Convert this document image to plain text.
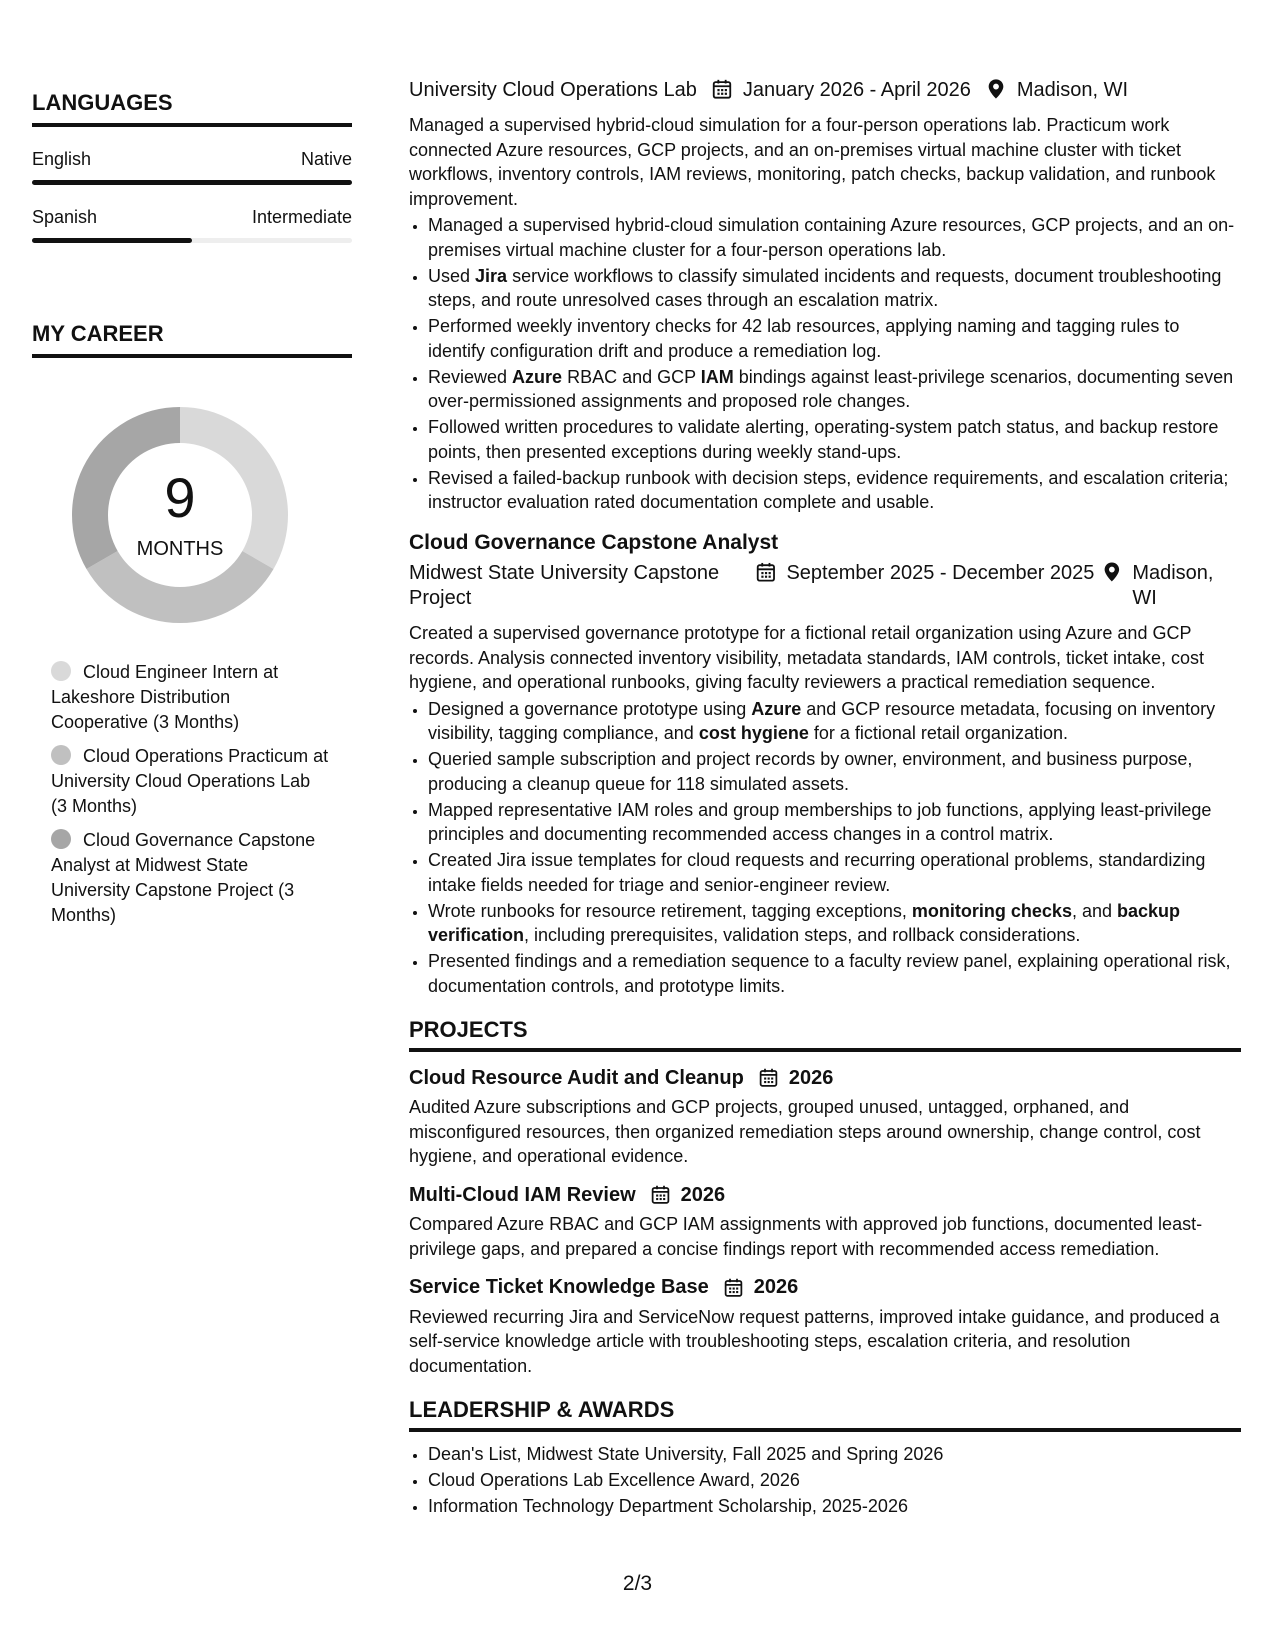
LANGUAGES
English	Native
Spanish	Intermediate
MY CAREER
9
MONTHS
Cloud Engineer Intern at Lakeshore Distribution Cooperative (3 Months)
Cloud Operations Practicum at University Cloud Operations Lab (3 Months)
Cloud Governance Capstone Analyst at Midwest State University Capstone Project (3 Months)
University Cloud Operations Lab January 2026 - April 2026 Madison, WI

Managed a supervised hybrid-cloud simulation for a four-person operations lab. Practicum work connected Azure resources, GCP projects, and an on-premises virtual machine cluster with ticket workflows, inventory controls, IAM reviews, monitoring, patch checks, backup validation, and runbook improvement.

• Managed a supervised hybrid-cloud simulation containing Azure resources, GCP projects, and an on-premises virtual machine cluster for a four-person operations lab.
• Used Jira service workflows to classify simulated incidents and requests, document troubleshooting steps, and route unresolved cases through an escalation matrix.
• Performed weekly inventory checks for 42 lab resources, applying naming and tagging rules to identify configuration drift and produce a remediation log.
• Reviewed Azure RBAC and GCP IAM bindings against least-privilege scenarios, documenting seven over-permissioned assignments and proposed role changes.
• Followed written procedures to validate alerting, operating-system patch status, and backup restore points, then presented exceptions during weekly stand-ups.
• Revised a failed-backup runbook with decision steps, evidence requirements, and escalation criteria; instructor evaluation rated documentation complete and usable.
Cloud Governance Capstone Analyst
Midwest State University Capstone Project
September 2025 - December 2025	Madison, WI

Created a supervised governance prototype for a fictional retail organization using Azure and GCP records. Analysis connected inventory visibility, metadata standards, IAM controls, ticket intake, cost hygiene, and operational runbooks, giving faculty reviewers a practical remediation sequence.

• Designed a governance prototype using Azure and GCP resource metadata, focusing on inventory visibility, tagging compliance, and cost hygiene for a fictional retail organization.
• Queried sample subscription and project records by owner, environment, and business purpose, producing a cleanup queue for 118 simulated assets.
• Mapped representative IAM roles and group memberships to job functions, applying least-privilege principles and documenting recommended access changes in a control matrix.
• Created Jira issue templates for cloud requests and recurring operational problems, standardizing intake fields needed for triage and senior-engineer review.
• Wrote runbooks for resource retirement, tagging exceptions, monitoring checks, and backup verification, including prerequisites, validation steps, and rollback considerations.
• Presented findings and a remediation sequence to a faculty review panel, explaining operational risk, documentation controls, and prototype limits.
PROJECTS
Cloud Resource Audit and Cleanup 2026
Audited Azure subscriptions and GCP projects, grouped unused, untagged, orphaned, and misconfigured resources, then organized remediation steps around ownership, change control, cost hygiene, and operational evidence.
Multi-Cloud IAM Review 2026
Compared Azure RBAC and GCP IAM assignments with approved job functions, documented least-privilege gaps, and prepared a concise findings report with recommended access remediation.
Service Ticket Knowledge Base 2026
Reviewed recurring Jira and ServiceNow request patterns, improved intake guidance, and produced a self-service knowledge article with troubleshooting steps, escalation criteria, and resolution documentation.
LEADERSHIP & AWARDS
• Dean's List, Midwest State University, Fall 2025 and Spring 2026
• Cloud Operations Lab Excellence Award, 2026
• Information Technology Department Scholarship, 2025-2026
2/3
